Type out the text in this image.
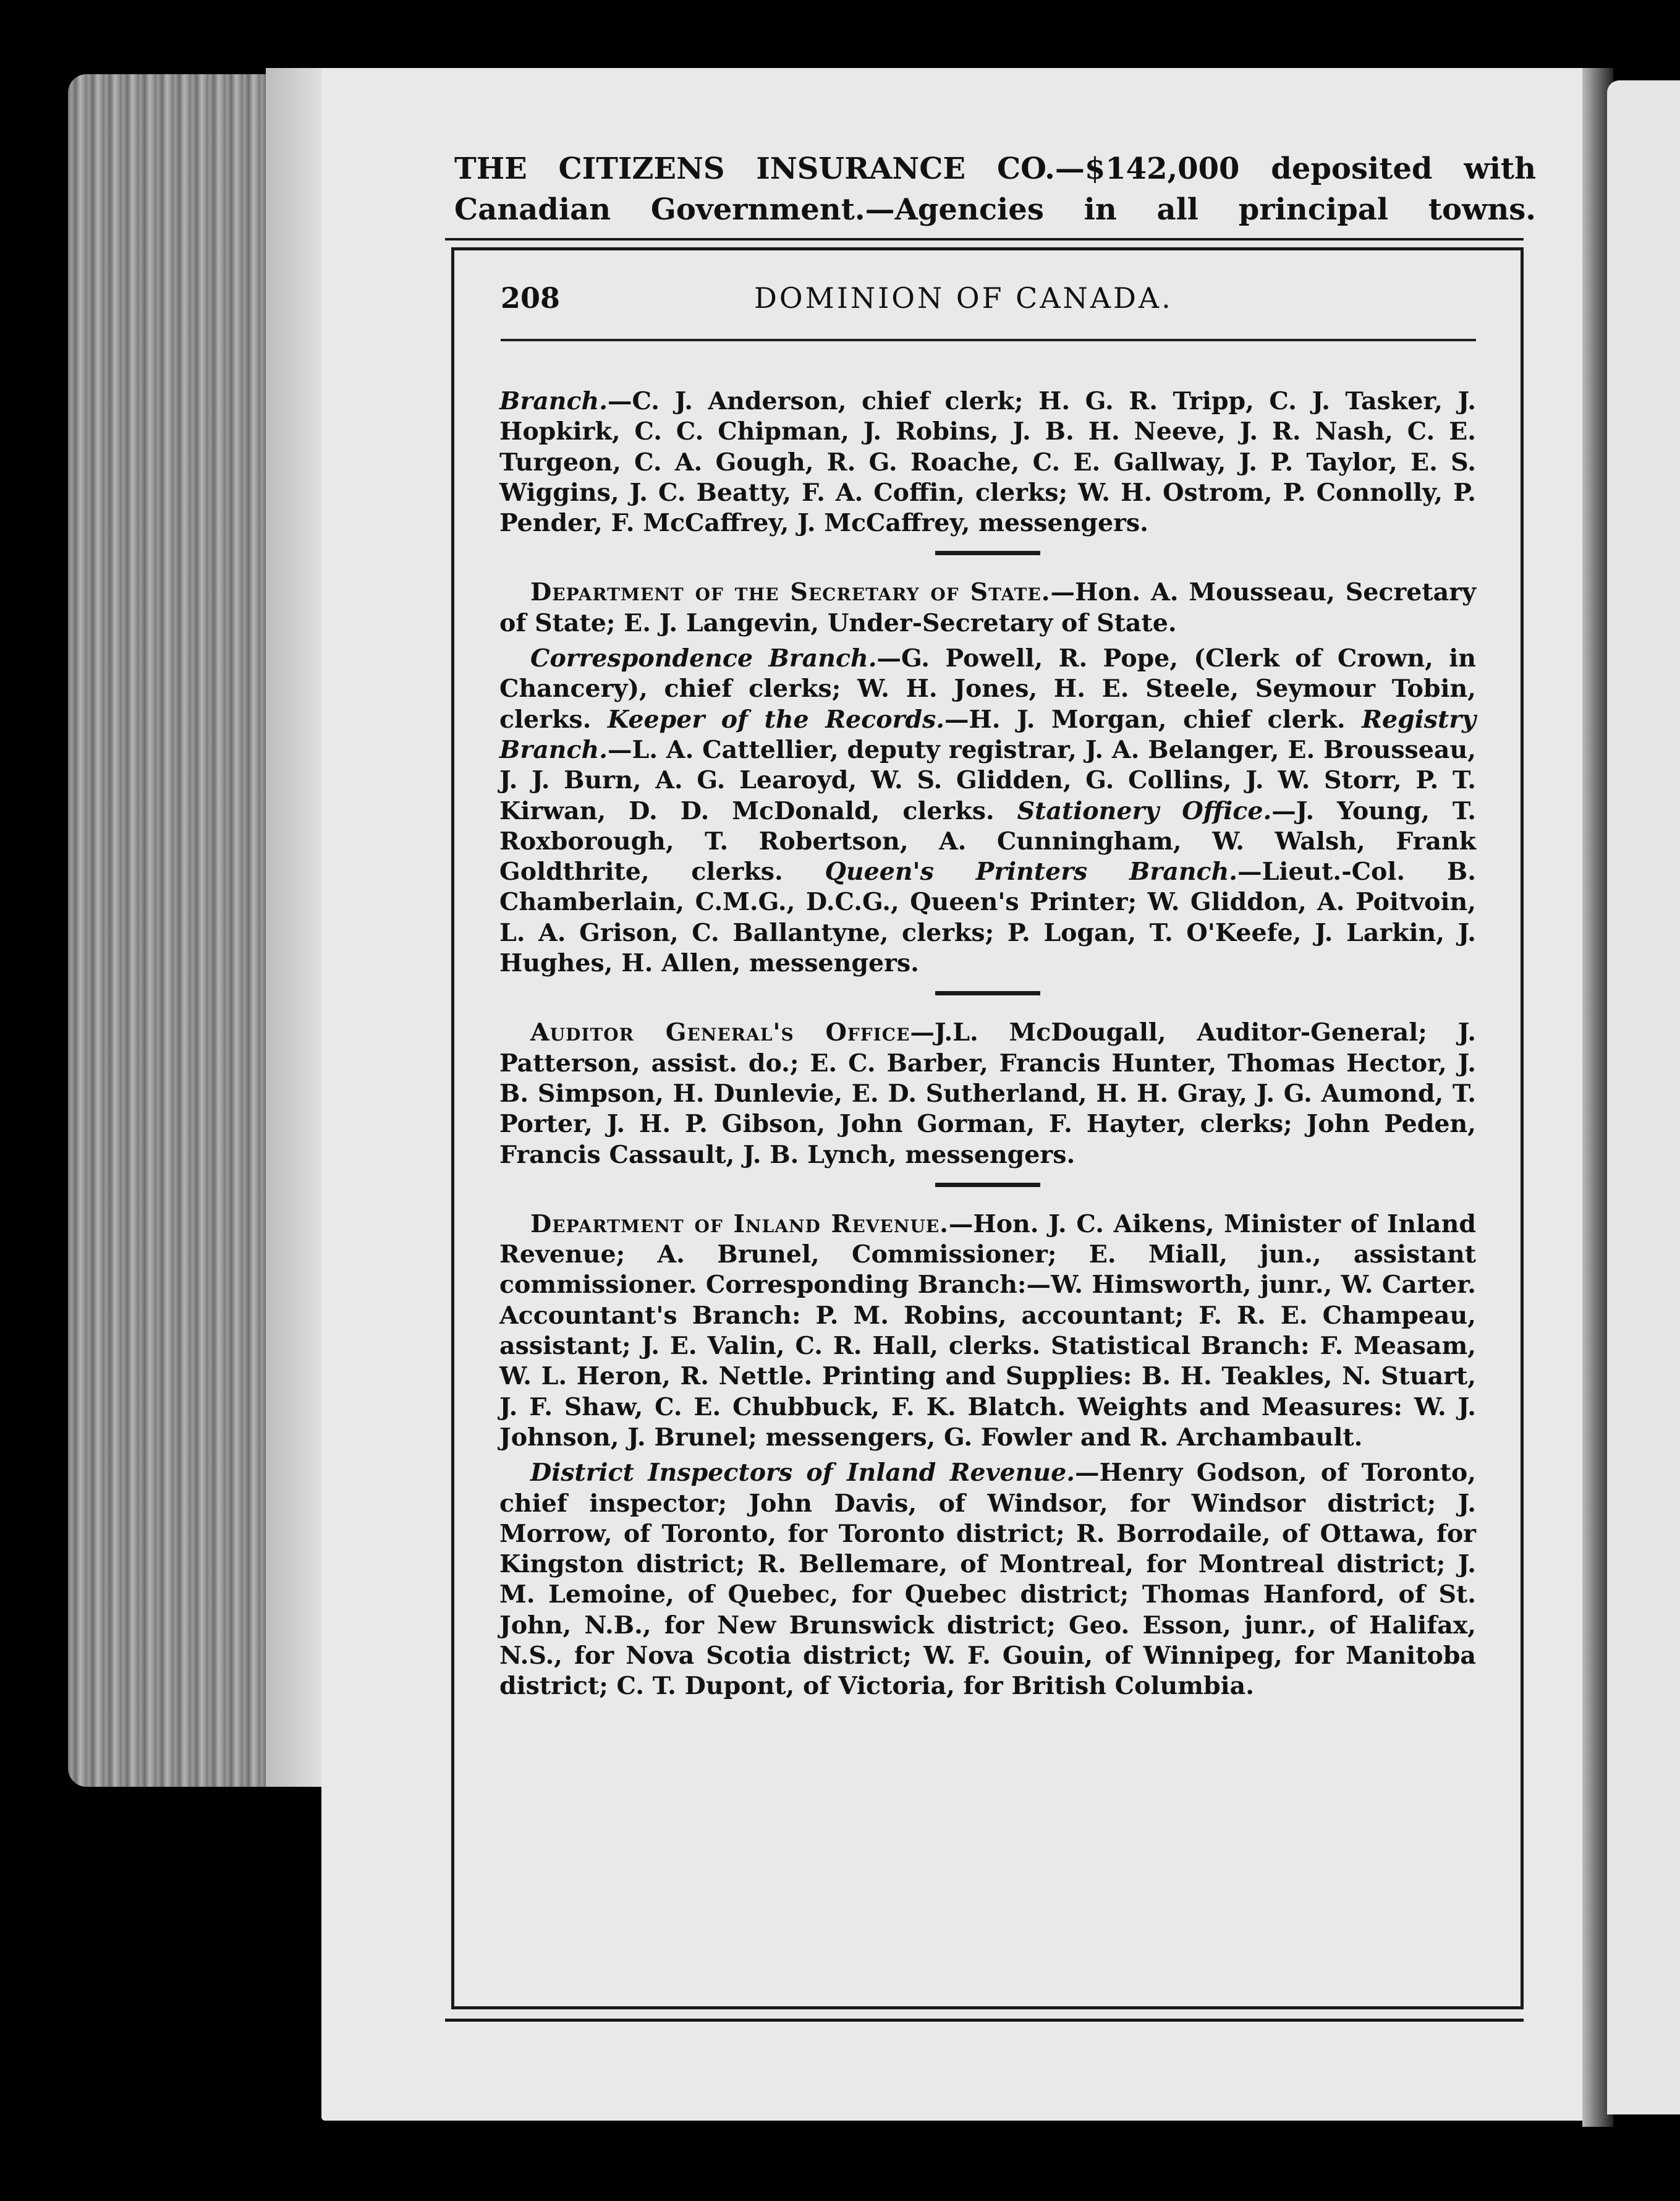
THE CITIZENS INSURANCE CO.—$142,000 deposited with
Canadian Government.—Agencies in all principal towns.
208	DOMINION OF CANADA.

Branch.—C. J. Anderson, chief clerk; H. G. R. Tripp, C. J. Tasker, J. Hopkirk, C. C. Chipman, J. Robins, J. B. H. Neeve, J. R. Nash, C. E. Turgeon, C. A. Gough, R. G. Roache, C. E. Gallway, J. P. Taylor, E. S. Wiggins, J. C. Beatty, F. A. Coffin, clerks; W. H. Ostrom, P. Connolly, P. Pender, F. McCaffrey, J. McCaffrey, messengers.

Department of the Secretary of State.—Hon. A. Mousseau, Secretary of State; E. J. Langevin, Under-Secretary of State.

Correspondence Branch.—G. Powell, R. Pope, (Clerk of Crown, in Chancery), chief clerks; W. H. Jones, H. E. Steele, Seymour Tobin, clerks. Keeper of the Records.—H. J. Morgan, chief clerk. Registry Branch.—L. A. Cattellier, deputy registrar, J. A. Belanger, E. Brousseau, J. J. Burn, A. G. Learoyd, W. S. Glidden, G. Collins, J. W. Storr, P. T. Kirwan, D. D. McDonald, clerks. Stationery Office.—J. Young, T. Roxborough, T. Robertson, A. Cunningham, W. Walsh, Frank Goldthrite, clerks. Queen's Printers Branch.—Lieut.-Col. B. Chamberlain, C.M.G., D.C.G., Queen's Printer; W. Gliddon, A. Poitvoin, L. A. Grison, C. Ballantyne, clerks; P. Logan, T. O'Keefe, J. Larkin, J. Hughes, H. Allen, messengers.

Auditor General's Office—J.L. McDougall, Auditor-General; J. Patterson, assist. do.; E. C. Barber, Francis Hunter, Thomas Hector, J. B. Simpson, H. Dunlevie, E. D. Sutherland, H. H. Gray, J. G. Aumond, T. Porter, J. H. P. Gibson, John Gorman, F. Hayter, clerks; John Peden, Francis Cassault, J. B. Lynch, messengers.

Department of Inland Revenue.—Hon. J. C. Aikens, Minister of Inland Revenue; A. Brunel, Commissioner; E. Miall, jun., assistant commissioner. Corresponding Branch:—W. Himsworth, junr., W. Carter. Accountant's Branch: P. M. Robins, accountant; F. R. E. Champeau, assistant; J. E. Valin, C. R. Hall, clerks. Statistical Branch: F. Measam, W. L. Heron, R. Nettle. Printing and Supplies: B. H. Teakles, N. Stuart, J. F. Shaw, C. E. Chubbuck, F. K. Blatch. Weights and Measures: W. J. Johnson, J. Brunel; messengers, G. Fowler and R. Archambault.

District Inspectors of Inland Revenue.—Henry Godson, of Toronto, chief inspector; John Davis, of Windsor, for Windsor district; J. Morrow, of Toronto, for Toronto district; R. Borrodaile, of Ottawa, for Kingston district; R. Bellemare, of Montreal, for Montreal district; J. M. Lemoine, of Quebec, for Quebec district; Thomas Hanford, of St. John, N.B., for New Brunswick district; Geo. Esson, junr., of Halifax, N.S., for Nova Scotia district; W. F. Gouin, of Winnipeg, for Manitoba district; C. T. Dupont, of Victoria, for British Columbia.
